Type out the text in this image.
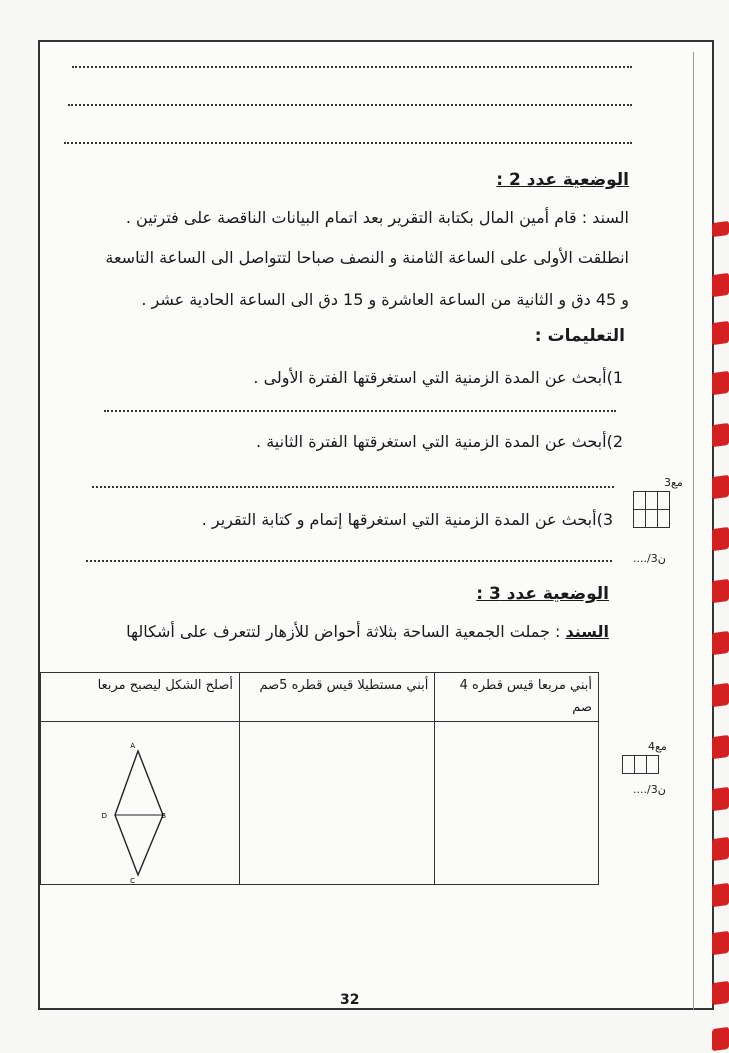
الوضعية عدد 2 :
السند : قام أمين المال بكتابة التقرير بعد اتمام البيانات الناقصة على فترتين .
انطلقت الأولى على الساعة الثامنة و النصف صباحا لتتواصل الى الساعة التاسعة
و 45 دق و الثانية من الساعة العاشرة و 15 دق الى الساعة الحادية عشر .
التعليمات :
1)أبحث عن المدة الزمنية التي استغرقتها الفترة الأولى .
2)أبحث عن المدة الزمنية التي استغرقتها الفترة الثانية .
3)أبحث عن المدة الزمنية التي استغرقها إتمام و كتابة التقرير .
مع3

..../3ن
الوضعية عدد 3 :
السند : جملت الجمعية الساحة بثلاثة أحواض للأزهار لتتعرف على أشكالها
أبني مربعا قيس قطره 4 صم	أبني مستطيلا قيس قطره 5صم	أصلح الشكل ليصبح مربعا

A
B
C
D
مع4

..../3ن
32
